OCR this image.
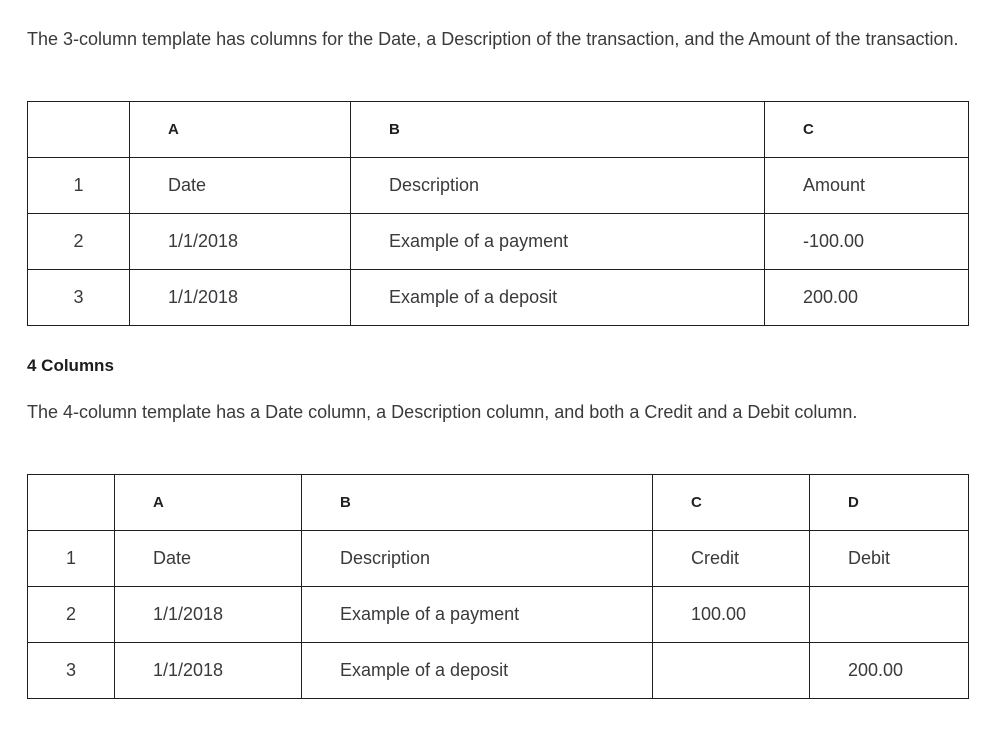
The 3-column template has columns for the Date, a Description of the transaction, and the Amount of the transaction.

	A	B	C
1	Date	Description	Amount
2	1/1/2018	Example of a payment	-100.00
3	1/1/2018	Example of a deposit	200.00
4 Columns

The 4-column template has a Date column, a Description column, and both a Credit and a Debit column.

	A	B	C	D
1	Date	Description	Credit	Debit
2	1/1/2018	Example of a payment	100.00	
3	1/1/2018	Example of a deposit		200.00
